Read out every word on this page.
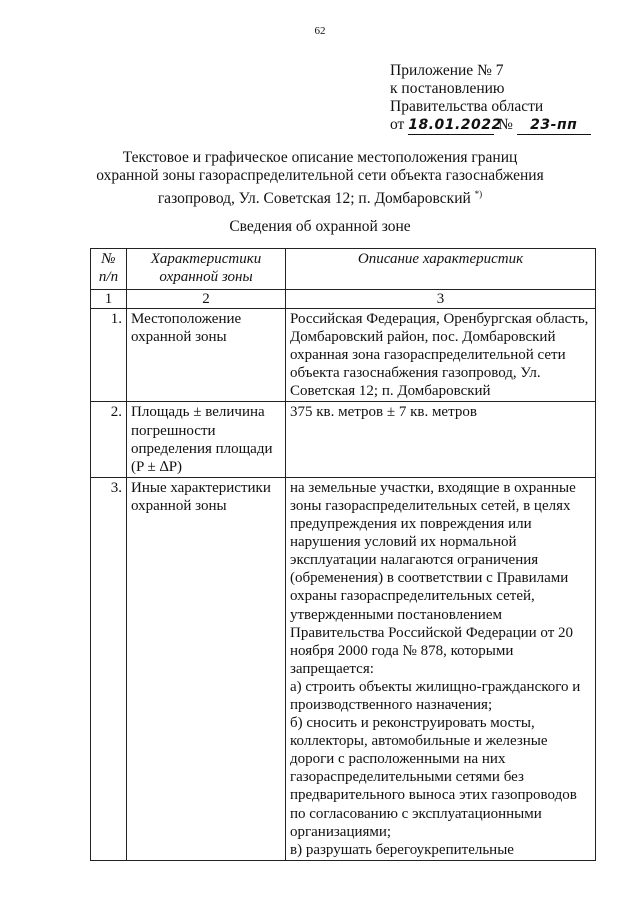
62
Приложение № 7
к постановлению
Правительства области
от 18.01.2022 № 23-пп
Текстовое и графическое описание местоположения границ
охранной зоны газораспределительной сети объекта газоснабжения
газопровод, Ул. Советская 12; п. Домбаровский *)
Сведения об охранной зоне
№ п/п	Характеристики охранной зоны	Описание характеристик
1	2	3
1.	Местоположение охранной зоны	Российская Федерация, Оренбургская область, Домбаровский район, пос. Домбаровский охранная зона газораспределительной сети объекта газоснабжения газопровод, Ул. Советская 12; п. Домбаровский
2.	Площадь ± величина погрешности определения площади (P ± ∆P)	375 кв. метров ± 7 кв. метров
3.	Иные характеристики охранной зоны	на земельные участки, входящие в охранные зоны газораспределительных сетей, в целях предупреждения их повреждения или нарушения условий их нормальной эксплуатации налагаются ограничения (обременения) в соответствии с Правилами охраны газораспределительных сетей, утвержденными постановлением Правительства Российской Федерации от 20 ноября 2000 года № 878, которыми запрещается:
а) строить объекты жилищно-гражданского и производственного назначения;
б) сносить и реконструировать мосты, коллекторы, автомобильные и железные дороги с расположенными на них газораспределительными сетями без предварительного выноса этих газопроводов по согласованию с эксплуатационными организациями;
в) разрушать берегоукрепительные
